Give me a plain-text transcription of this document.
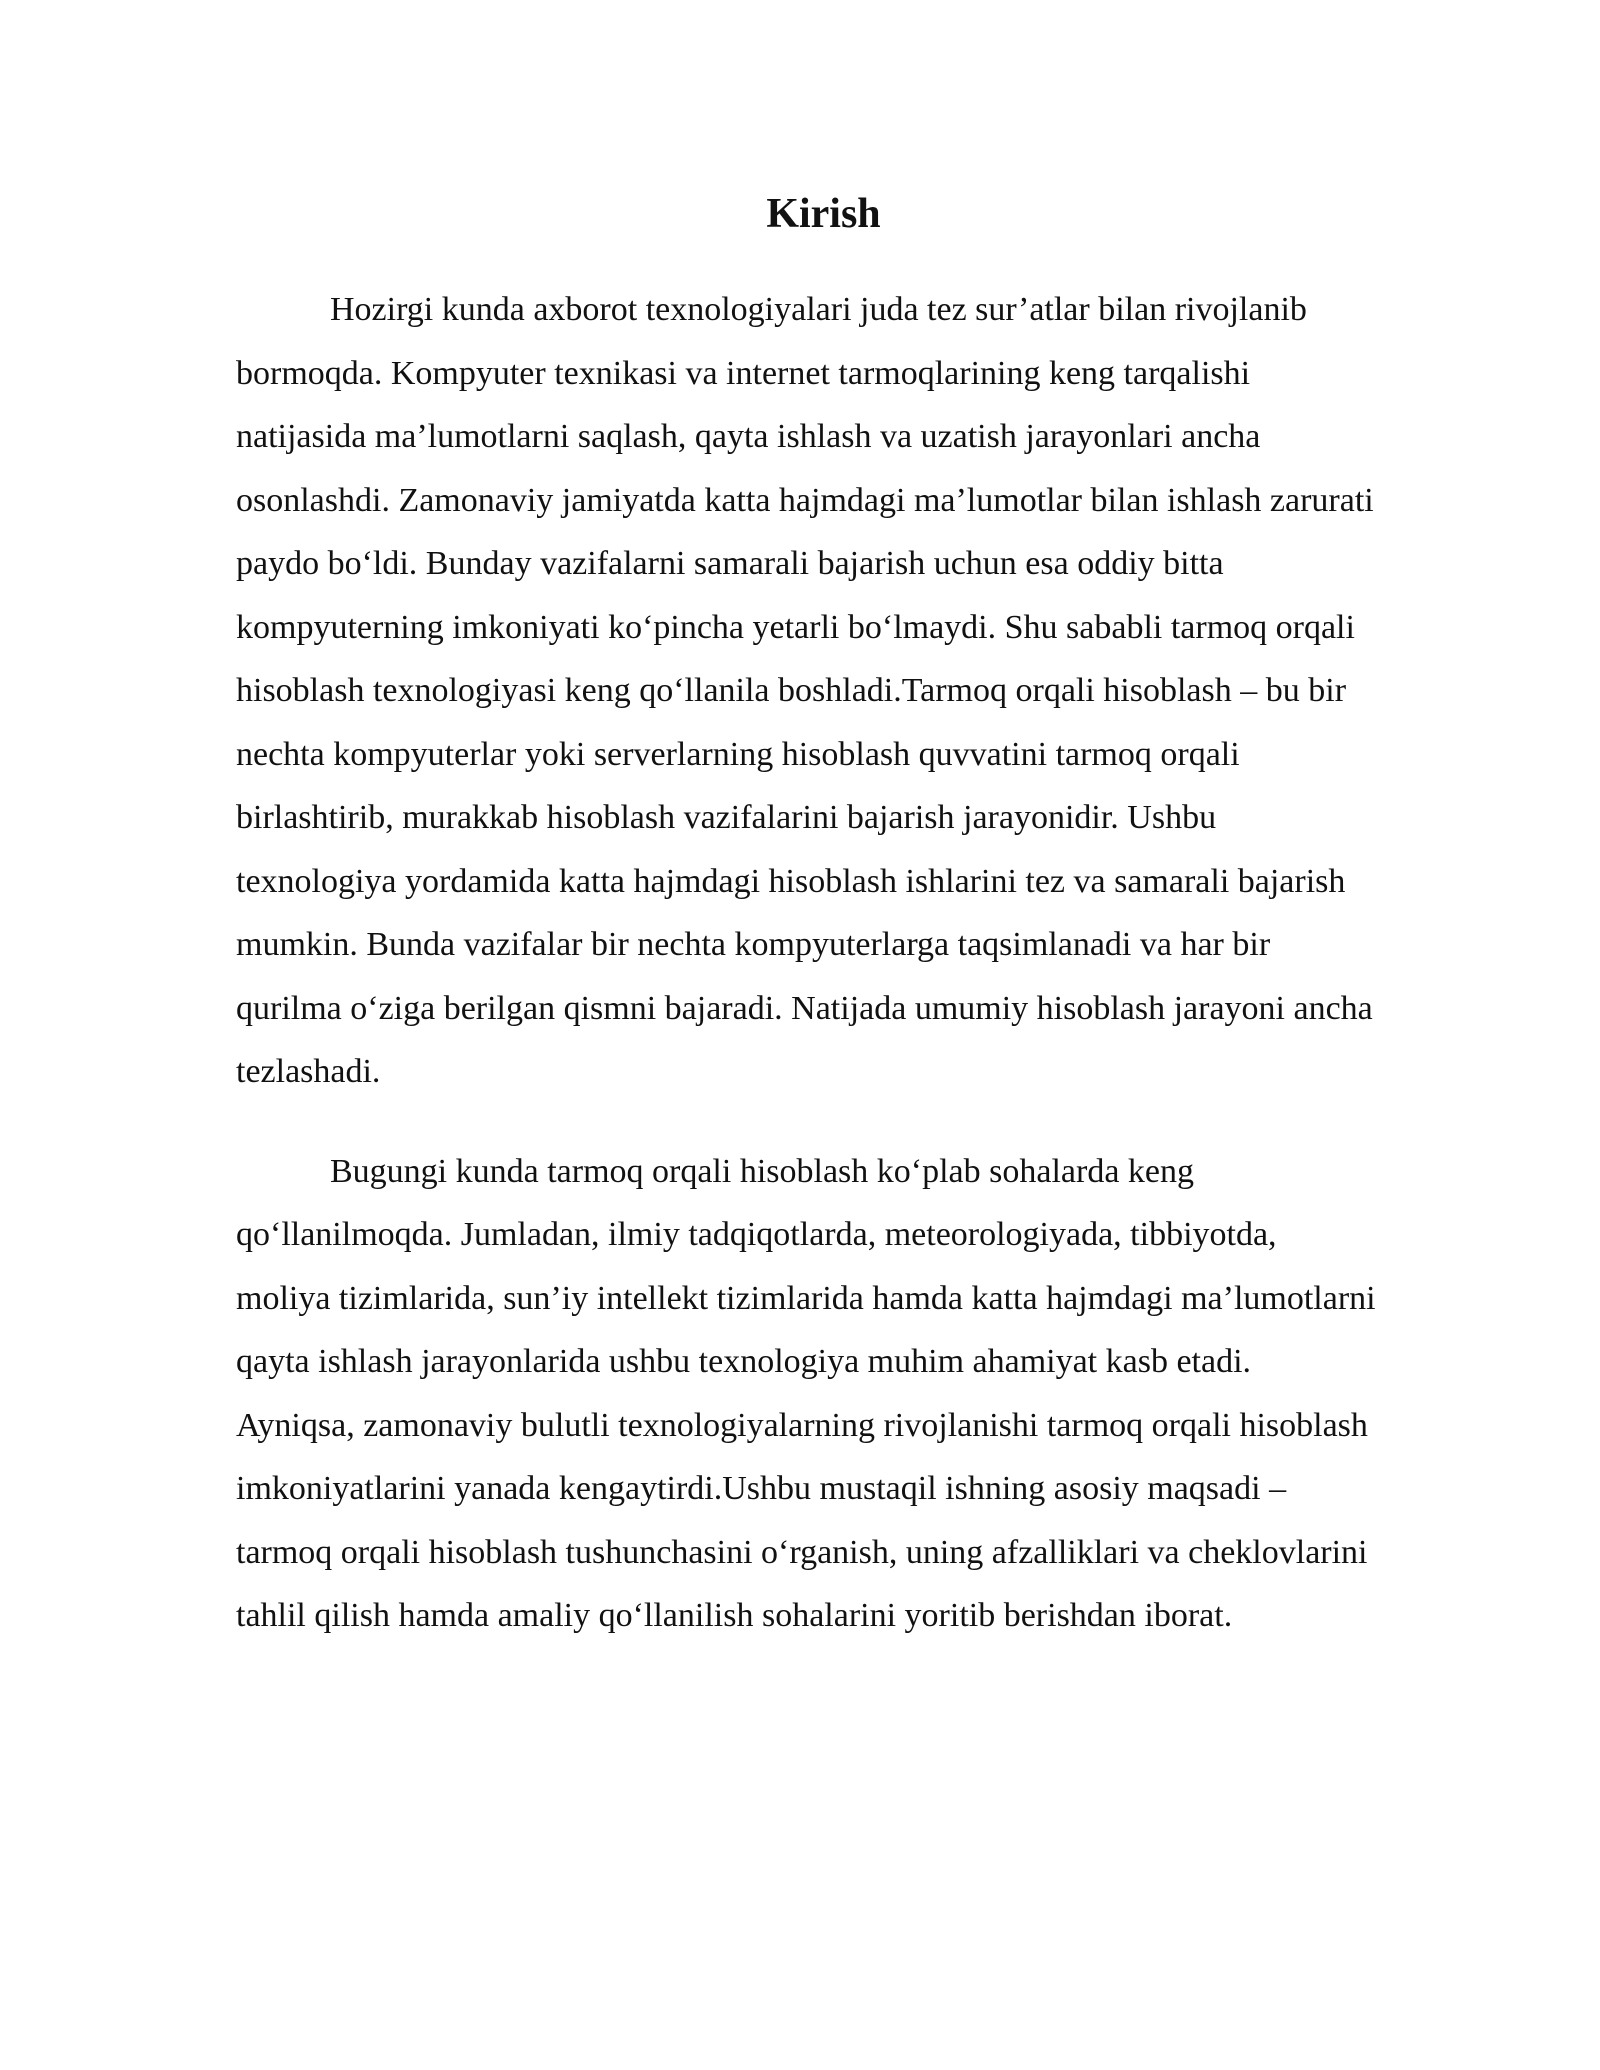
Kirish

Hozirgi kunda axborot texnologiyalari juda tez sur’atlar bilan rivojlanib bormoqda. Kompyuter texnikasi va internet tarmoqlarining keng tarqalishi natijasida ma’lumotlarni saqlash, qayta ishlash va uzatish jarayonlari ancha osonlashdi. Zamonaviy jamiyatda katta hajmdagi ma’lumotlar bilan ishlash zarurati paydo bo‘ldi. Bunday vazifalarni samarali bajarish uchun esa oddiy bitta kompyuterning imkoniyati ko‘pincha yetarli bo‘lmaydi. Shu sababli tarmoq orqali hisoblash texnologiyasi keng qo‘llanila boshladi.Tarmoq orqali hisoblash – bu bir nechta kompyuterlar yoki serverlarning hisoblash quvvatini tarmoq orqali birlashtirib, murakkab hisoblash vazifalarini bajarish jarayonidir. Ushbu texnologiya yordamida katta hajmdagi hisoblash ishlarini tez va samarali bajarish mumkin. Bunda vazifalar bir nechta kompyuterlarga taqsimlanadi va har bir qurilma o‘ziga berilgan qismni bajaradi. Natijada umumiy hisoblash jarayoni ancha tezlashadi.

Bugungi kunda tarmoq orqali hisoblash ko‘plab sohalarda keng qo‘llanilmoqda. Jumladan, ilmiy tadqiqotlarda, meteorologiyada, tibbiyotda, moliya tizimlarida, sun’iy intellekt tizimlarida hamda katta hajmdagi ma’lumotlarni qayta ishlash jarayonlarida ushbu texnologiya muhim ahamiyat kasb etadi. Ayniqsa, zamonaviy bulutli texnologiyalarning rivojlanishi tarmoq orqali hisoblash imkoniyatlarini yanada kengaytirdi.Ushbu mustaqil ishning asosiy maqsadi – tarmoq orqali hisoblash tushunchasini o‘rganish, uning afzalliklari va cheklovlarini tahlil qilish hamda amaliy qo‘llanilish sohalarini yoritib berishdan iborat.
